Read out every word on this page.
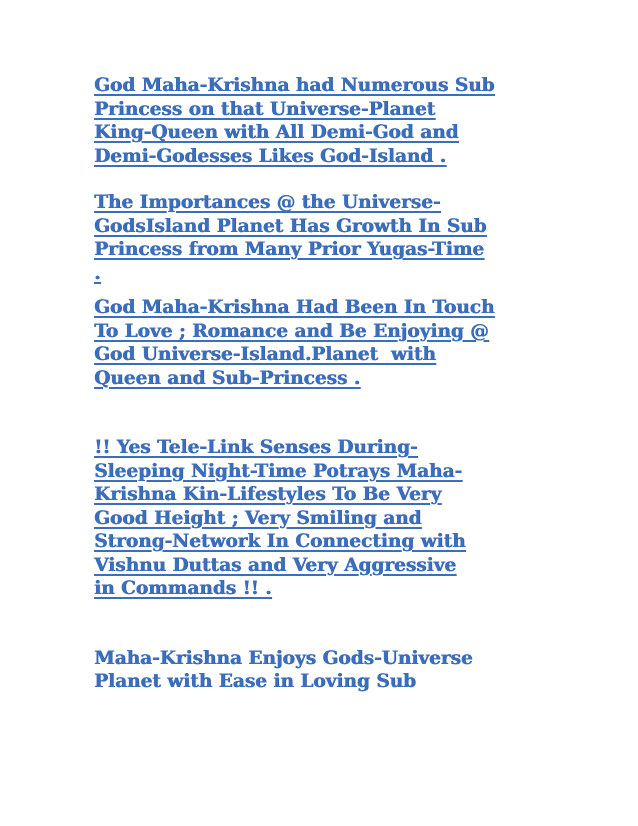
God Maha-Krishna had Numerous Sub
Princess on that Universe-Planet
King-Queen with All Demi-God and
Demi-Godesses Likes God-Island .

The Importances @ the Universe-
GodsIsland Planet Has Growth In Sub
Princess from Many Prior Yugas-Time
.

God Maha-Krishna Had Been In Touch
To Love ; Romance and Be Enjoying @
God Universe-Island.Planet  with
Queen and Sub-Princess .

!! Yes Tele-Link Senses During-
Sleeping Night-Time Potrays Maha-
Krishna Kin-Lifestyles To Be Very
Good Height ; Very Smiling and
Strong-Network In Connecting with
Vishnu Duttas and Very Aggressive
in Commands !! .

Maha-Krishna Enjoys Gods-Universe
Planet with Ease in Loving Sub
